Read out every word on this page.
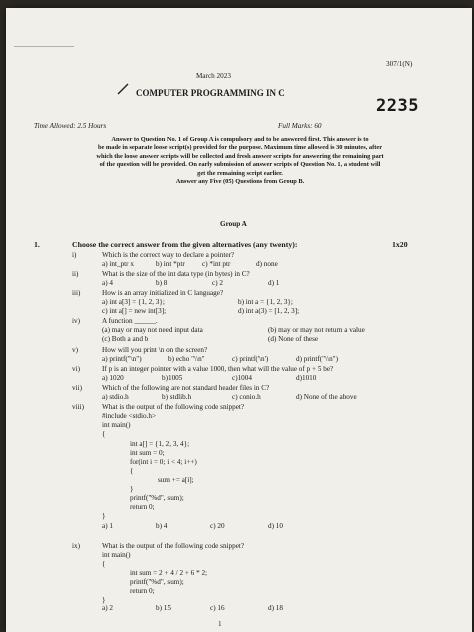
307/1(N)
March 2023
COMPUTER PROGRAMMING IN C
2235
Time Allowed: 2.5 Hours	Full Marks: 60
Answer to Question No. 1 of Group A is compulsory and to be answered first. This answer is to
be made in separate loose script(s) provided for the purpose. Maximum time allowed is 30 minutes, after
which the loose answer scripts will be collected and fresh answer scripts for answering the remaining part
of the question will be provided. On early submission of answer scripts of Question No. 1, a student will
get the remaining script earlier.
Answer any Five (05) Questions from Group B.
Group A
1.	Choose the correct answer from the given alternatives (any twenty):	1x20
i)	Which is the correct way to declare a pointer?
a) int_ptr x	b) int *ptr c) *int ptr	d) none
ii)	What is the size of the int data type (in bytes) in C?
a) 4	b) 8	c) 2	d) 1
iii)	How is an array initialized in C language?
a) int a[3] = {1, 2, 3};	b) int a = {1, 2, 3};
c) int a[] = new int[3];	d) int a(3) = [1, 2, 3];
iv)	A function ______.
(a) may or may not need input data	(b) may or may not return a value
(c) Both a and b	(d) None of these
v)	How will you print \n on the screen?
a) printf("\n")	b) echo "\\n"	c) printf('\n')	d) printf("\\n")
vi)	If p is an integer pointer with a value 1000, then what will the value of p + 5 be?
a) 1020	b)1005	c)1004	d)1010
vii)	Which of the following are not standard header files in C?
a) stdio.h	b) stdlib.h	c) conio.h	d) None of the above
viii)	What is the output of the following code snippet?
#include <stdio.h>
int main()
{
int a[] = {1, 2, 3, 4};
int sum = 0;
for(int i = 0; i < 4; i++)
{
sum += a[i];
}
printf("%d", sum);
return 0;
}
a) 1	b) 4	c) 20	d) 10
ix)	What is the output of the following code snippet?
int main()
{
int sum = 2 + 4 / 2 + 6 * 2;
printf("%d", sum);
return 0;
}
a) 2	b) 15	c) 16	d) 18
1
